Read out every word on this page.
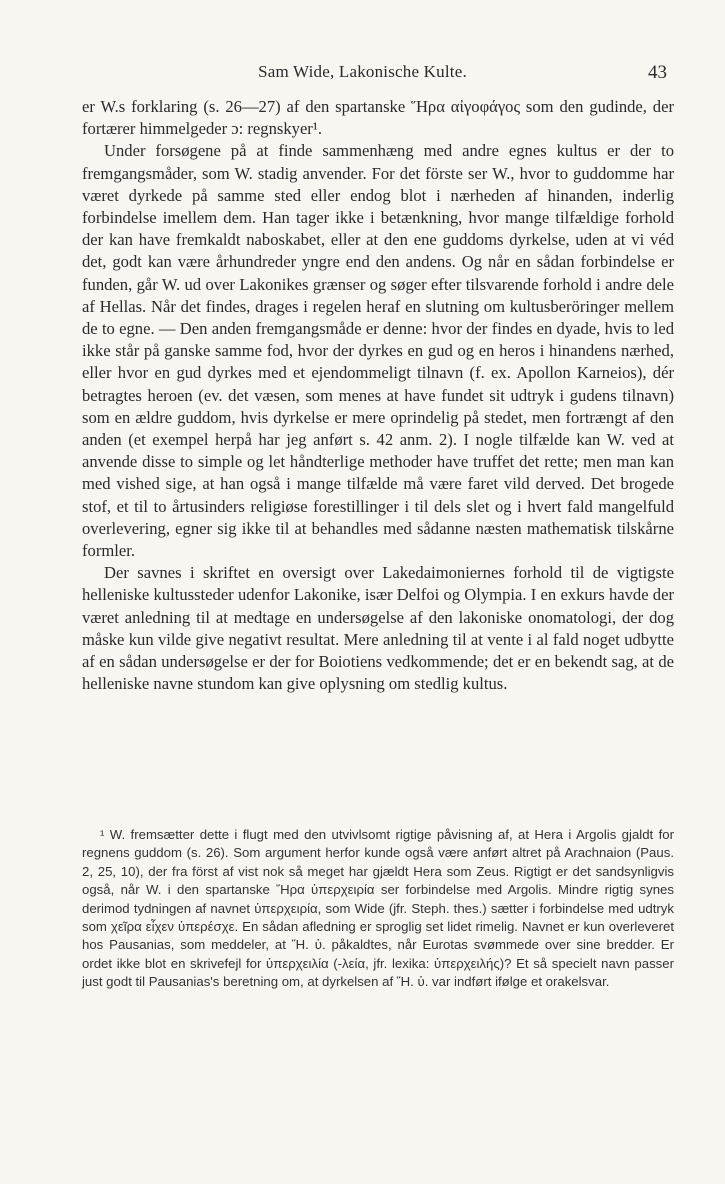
Sam Wide, Lakonische Kulte.	43

er W.s forklaring (s. 26—27) af den spartanske Ἥρα αἰγοφάγος som den gudinde, der fortærer himmelgeder ɔ: regnskyer¹.

Under forsøgene på at finde sammenhæng med andre egnes kultus er der to fremgangsmåder, som W. stadig anvender. For det förste ser W., hvor to guddomme har været dyrkede på samme sted eller endog blot i nærheden af hinanden, inderlig forbindelse imellem dem. Han tager ikke i betænkning, hvor mange tilfældige forhold der kan have fremkaldt naboskabet, eller at den ene guddoms dyrkelse, uden at vi véd det, godt kan være århundreder yngre end den andens. Og når en sådan forbindelse er funden, går W. ud over Lakonikes grænser og søger efter tilsvarende forhold i andre dele af Hellas. Når det findes, drages i regelen heraf en slutning om kultusberöringer mellem de to egne. — Den anden fremgangsmåde er denne: hvor der findes en dyade, hvis to led ikke står på ganske samme fod, hvor der dyrkes en gud og en heros i hinandens nærhed, eller hvor en gud dyrkes med et ejendommeligt tilnavn (f. ex. Apollon Karneios), dér betragtes heroen (ev. det væsen, som menes at have fundet sit udtryk i gudens tilnavn) som en ældre guddom, hvis dyrkelse er mere oprindelig på stedet, men fortrængt af den anden (et exempel herpå har jeg anført s. 42 anm. 2). I nogle tilfælde kan W. ved at anvende disse to simple og let håndterlige methoder have truffet det rette; men man kan med vished sige, at han også i mange tilfælde må være faret vild derved. Det brogede stof, et til to årtusinders religiøse forestillinger i til dels slet og i hvert fald mangelfuld overlevering, egner sig ikke til at behandles med sådanne næsten mathematisk tilskårne formler.

Der savnes i skriftet en oversigt over Lakedaimoniernes forhold til de vigtigste helleniske kultussteder udenfor Lakonike, især Delfoi og Olympia. I en exkurs havde der været anledning til at medtage en undersøgelse af den lakoniske onomatologi, der dog måske kun vilde give negativt resultat. Mere anledning til at vente i al fald noget udbytte af en sådan undersøgelse er der for Boiotiens vedkommende; det er en bekendt sag, at de helleniske navne stundom kan give oplysning om stedlig kultus.

¹ W. fremsætter dette i flugt med den utvivlsomt rigtige påvisning af, at Hera i Argolis gjaldt for regnens guddom (s. 26). Som argument herfor kunde også være anført altret på Arachnaion (Paus. 2, 25, 10), der fra först af vist nok så meget har gjældt Hera som Zeus. Rigtigt er det sandsynligvis også, når W. i den spartanske Ἥρα ὑπερχειρία ser forbindelse med Argolis. Mindre rigtig synes derimod tydningen af navnet ὑπερχειρία, som Wide (jfr. Steph. thes.) sætter i forbindelse med udtryk som χεῖρα εἶχεν ὑπερέσχε. En sådan afledning er sproglig set lidet rimelig. Navnet er kun overleveret hos Pausanias, som meddeler, at Ἥ. ὑ. påkaldtes, når Eurotas svømmede over sine bredder. Er ordet ikke blot en skrivefejl for ὑπερχειλία (-λεία, jfr. lexika: ὑπερχειλής)? Et så specielt navn passer just godt til Pausanias's beretning om, at dyrkelsen af Ἥ. ὑ. var indført ifølge et orakelsvar.
